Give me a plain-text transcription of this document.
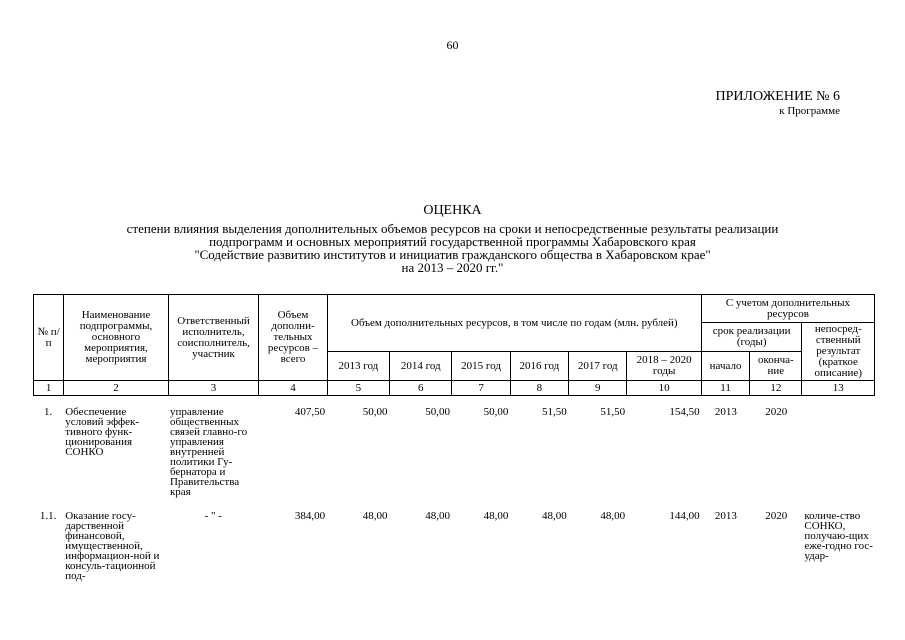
60
ПРИЛОЖЕНИЕ № 6
к Программе
ОЦЕНКА
степени влияния выделения дополнительных объемов ресурсов на сроки и непосредственные результаты реализации
подпрограмм и основных мероприятий государственной программы Хабаровского края
"Содействие развитию институтов и инициатив гражданского общества в Хабаровском крае"
на 2013 – 2020 гг."
№ п/п	Наименование подпрограммы, основного мероприятия, мероприятия	Ответственный исполнитель, соисполнитель, участник	Объем дополни-тельных ресурсов – всего	Объем дополнительных ресурсов, в том числе по годам (млн. рублей)						С учетом дополнительных ресурсов		
										срок реализации (годы)		непосред-ственный результат (краткое описание)
				2013 год	2014 год	2015 год	2016 год	2017 год	2018 – 2020 годы	начало	оконча-ние	
1	2	3	4	5	6	7	8	9	10	11	12	13
1.	Обеспечение условий эффек-тивного функ-ционирования СОНКО	управление общественных связей главно-го управления внутренней политики Гу-бернатора и Правительства края	407,50	50,00	50,00	50,00	51,50	51,50	154,50	2013	2020	
1.1.	Оказание госу-дарственной финансовой, имущественной, информацион-ной и консуль-тационной под-	- " -	384,00	48,00	48,00	48,00	48,00	48,00	144,00	2013	2020	количе-ство СОНКО, получаю-щих еже-годно гос-удар-
